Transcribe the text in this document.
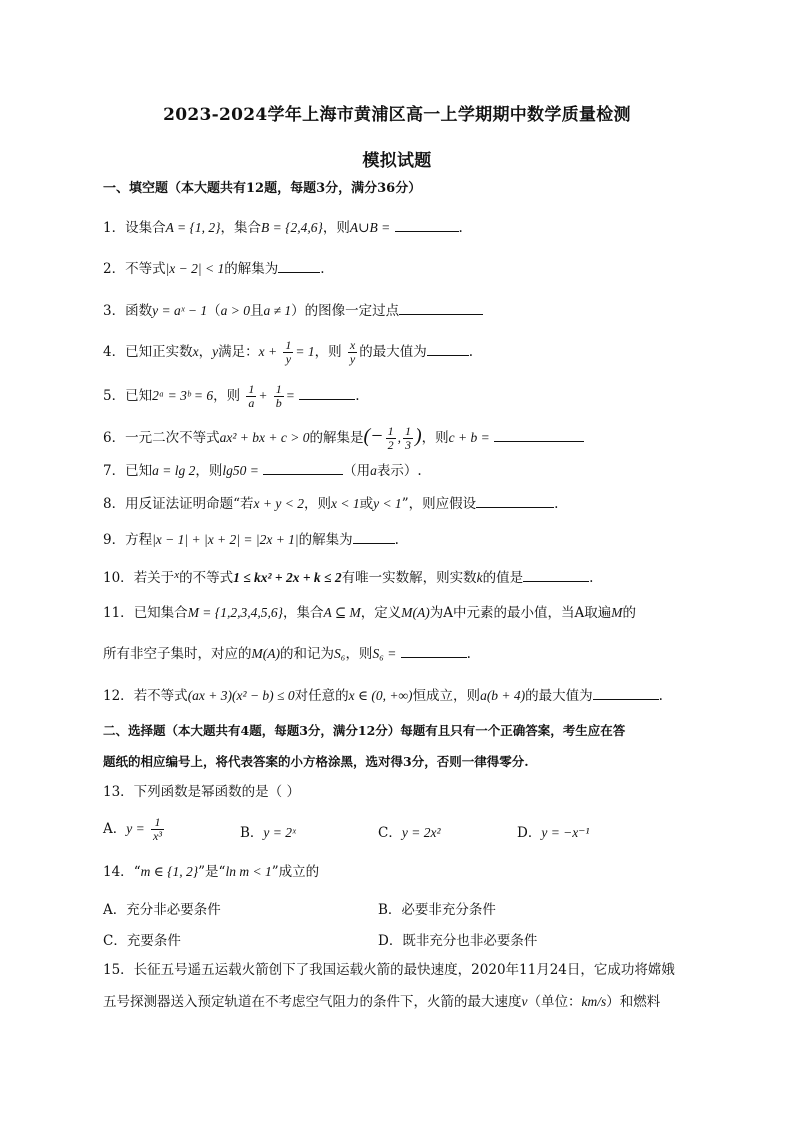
2023-2024学年上海市黄浦区高一上学期期中数学质量检测
模拟试题
一、填空题（本大题共有12题，每题3分，满分36分）
1．设集合A = {1, 2}，集合B = {2,4,6}，则A∪B =	.
2．不等式|x − 2| < 1的解集为	.
3．函数y = aˣ − 1（a > 0且a ≠ 1）的图像一定过点
4．已知正实数x，y满足：$x + \frac{1}{y} = 1$，则 $\frac{x}{y}$ 的最大值为	.
5．已知2ᵃ = 3ᵇ = 6，则 $\frac{1}{a} + \frac{1}{b}$ =	.
6．一元二次不等式ax² + bx + c > 0的解集是(− $\frac{1}{2}$ , $\frac{1}{3}$ )，则c + b =
7．已知a = lg 2，则lg50 =	（用a表示）.
8．用反证法证明命题“若x + y < 2，则x < 1或y < 1”，则应假设	.
9．方程|x − 1| + |x + 2| = |2x + 1|的解集为	.
10．若关于$^x$的不等式1 ≤ kx² + 2x + k ≤ 2有唯一实数解，则实数k的值是	.
11．已知集合M = {1,2,3,4,5,6}，集合A ⊆ M，定义M(A)为A中元素的最小值，当A取遍M的
所有非空子集时，对应的M(A)的和记为S₆，则S₆ =	.
12．若不等式(ax + 3)(x² − b) ≤ 0对任意的x ∈ (0, +∞)恒成立，则a(b + 4)的最大值为	.
二、选择题（本大题共有4题，每题3分，满分12分）每题有且只有一个正确答案，考生应在答
题纸的相应编号上，将代表答案的小方格涂黑，选对得3分，否则一律得零分.
13．下列函数是幂函数的是（ ）
A．$y = \frac{1}{\text{x³}}$	B．y = 2ˣ	C．y = 2x²	D．y = −x⁻¹
14．“m ∈ {1, 2}”是“ln m < 1”成立的
A．充分非必要条件	B．必要非充分条件
C．充要条件	D．既非充分也非必要条件
15．长征五号遥五运载火箭创下了我国运载火箭的最快速度，2020年11月24日，它成功将嫦娥
五号探测器送入预定轨道在不考虑空气阻力的条件下，火箭的最大速度v（单位：km/s）和燃料
